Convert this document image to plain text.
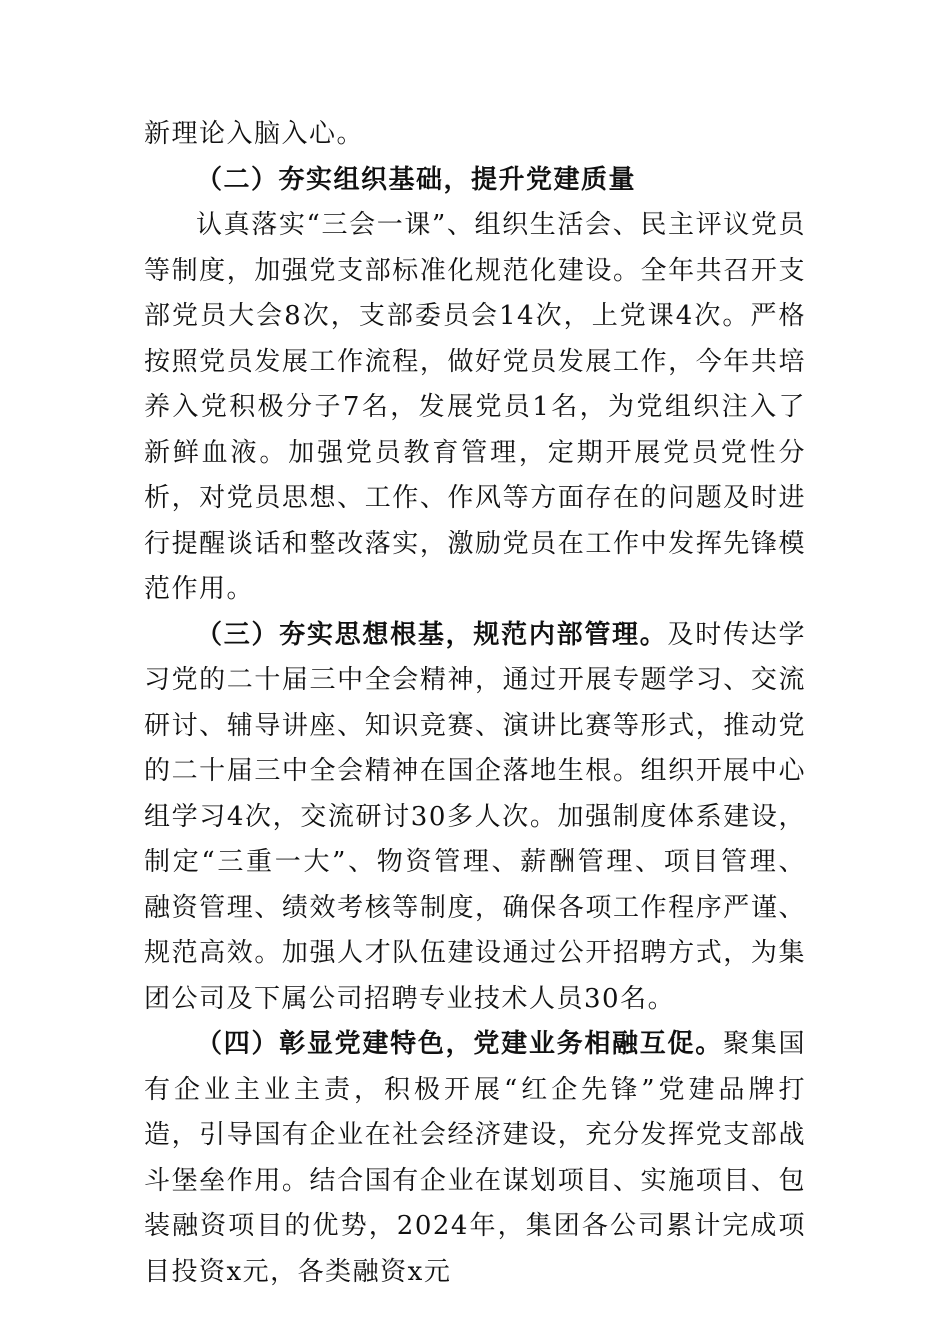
新理论入脑入心。

（二）夯实组织基础，提升党建质量

认真落实“三会一课”、组织生活会、民主评议党员等制度，加强党支部标准化规范化建设。全年共召开支部党员大会8次，支部委员会14次，上党课4次。严格按照党员发展工作流程，做好党员发展工作，今年共培养入党积极分子7名，发展党员1名，为党组织注入了新鲜血液。加强党员教育管理，定期开展党员党性分析，对党员思想、工作、作风等方面存在的问题及时进行提醒谈话和整改落实，激励党员在工作中发挥先锋模范作用。

（三）夯实思想根基，规范内部管理。及时传达学习党的二十届三中全会精神，通过开展专题学习、交流研讨、辅导讲座、知识竞赛、演讲比赛等形式，推动党的二十届三中全会精神在国企落地生根。组织开展中心组学习4次，交流研讨30多人次。加强制度体系建设，制定“三重一大”、物资管理、薪酬管理、项目管理、融资管理、绩效考核等制度，确保各项工作程序严谨、规范高效。加强人才队伍建设通过公开招聘方式，为集团公司及下属公司招聘专业技术人员30名。

（四）彰显党建特色，党建业务相融互促。聚集国有企业主业主责，积极开展“红企先锋”党建品牌打造，引导国有企业在社会经济建设，充分发挥党支部战斗堡垒作用。结合国有企业在谋划项目、实施项目、包装融资项目的优势，2024年，集团各公司累计完成项目投资x元，各类融资x元
